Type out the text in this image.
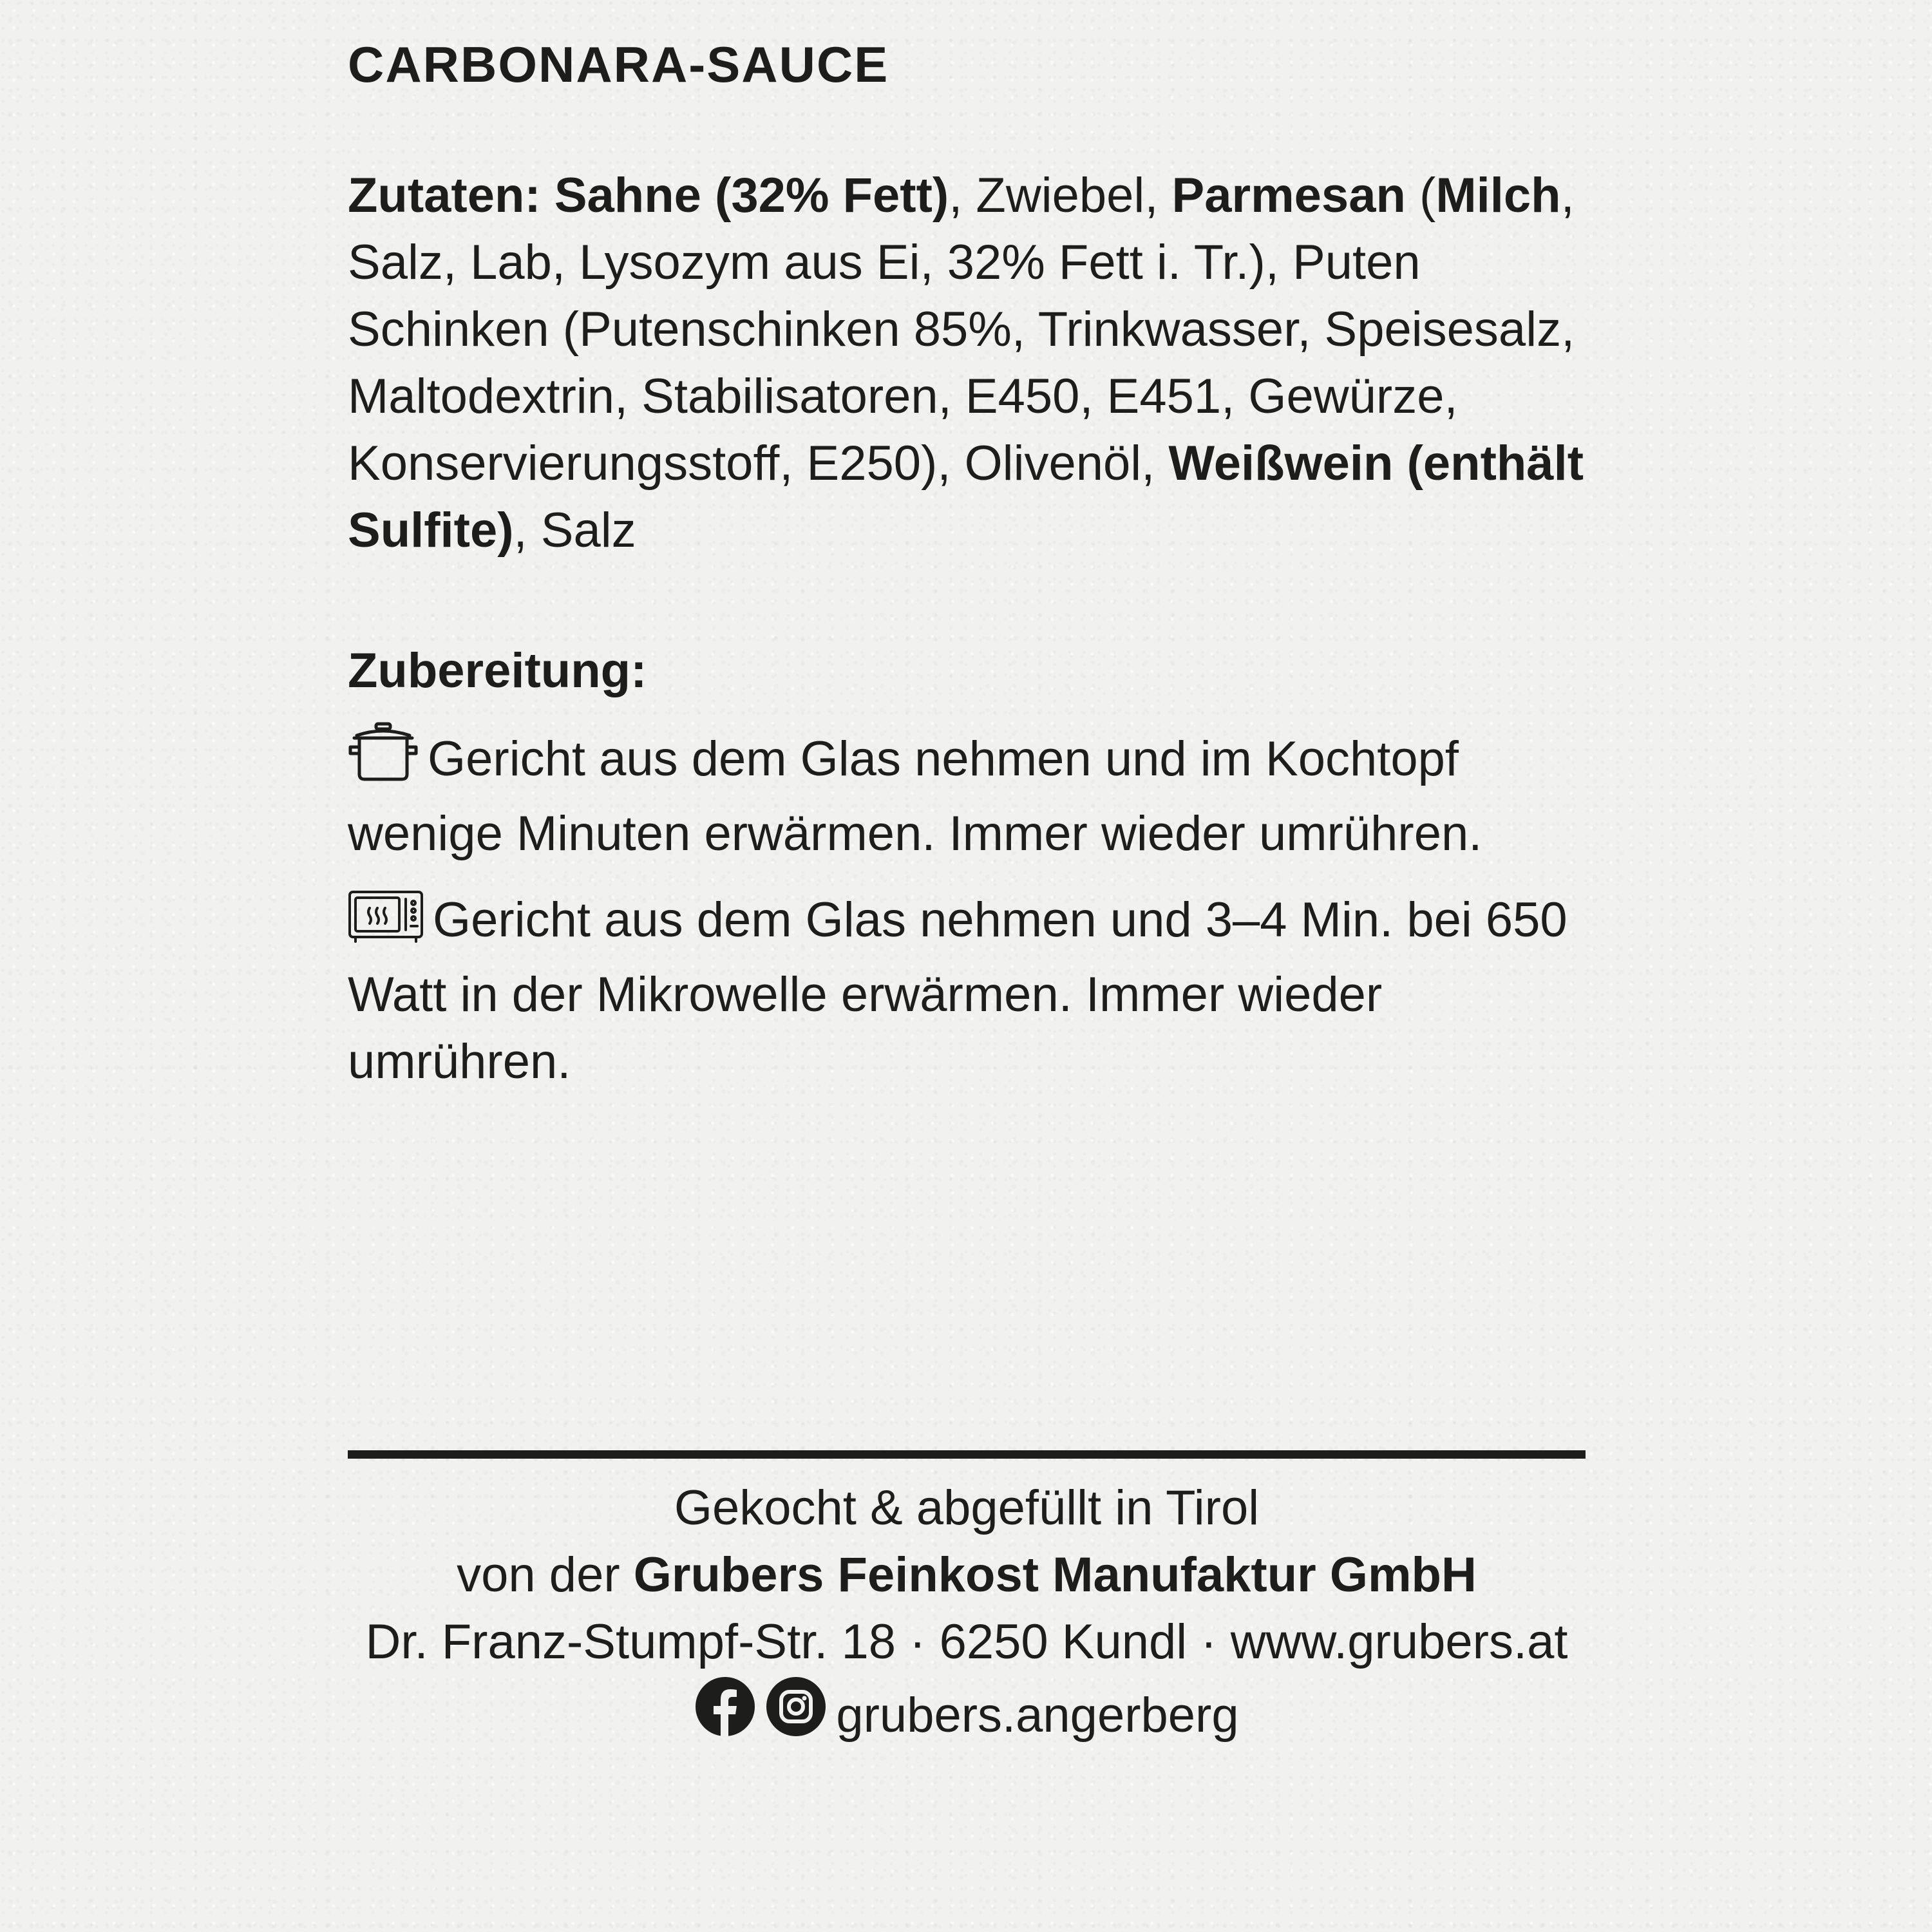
CARBONARA-SAUCE
Zutaten: Sahne (32% Fett), Zwiebel, Parmesan (Milch, Salz, Lab, Lysozym aus Ei, 32% Fett i. Tr.), Puten Schinken (Putenschinken 85%, Trinkwasser, Speisesalz, Maltodextrin, Stabilisatoren, E450, E451, Gewürze, Konservierungsstoff, E250), Olivenöl, Weißwein (enthält Sulfite), Salz
Zubereitung:
Gericht aus dem Glas nehmen und im Kochtopf wenige Minuten erwärmen. Immer wieder umrühren.
Gericht aus dem Glas nehmen und 3–4 Min. bei 650 Watt in der Mikrowelle erwärmen. Immer wieder umrühren.
Gekocht & abgefüllt in Tirol
von der Grubers Feinkost Manufaktur GmbH
Dr. Franz-Stumpf-Str. 18 · 6250 Kundl · www.grubers.at
grubers.angerberg
